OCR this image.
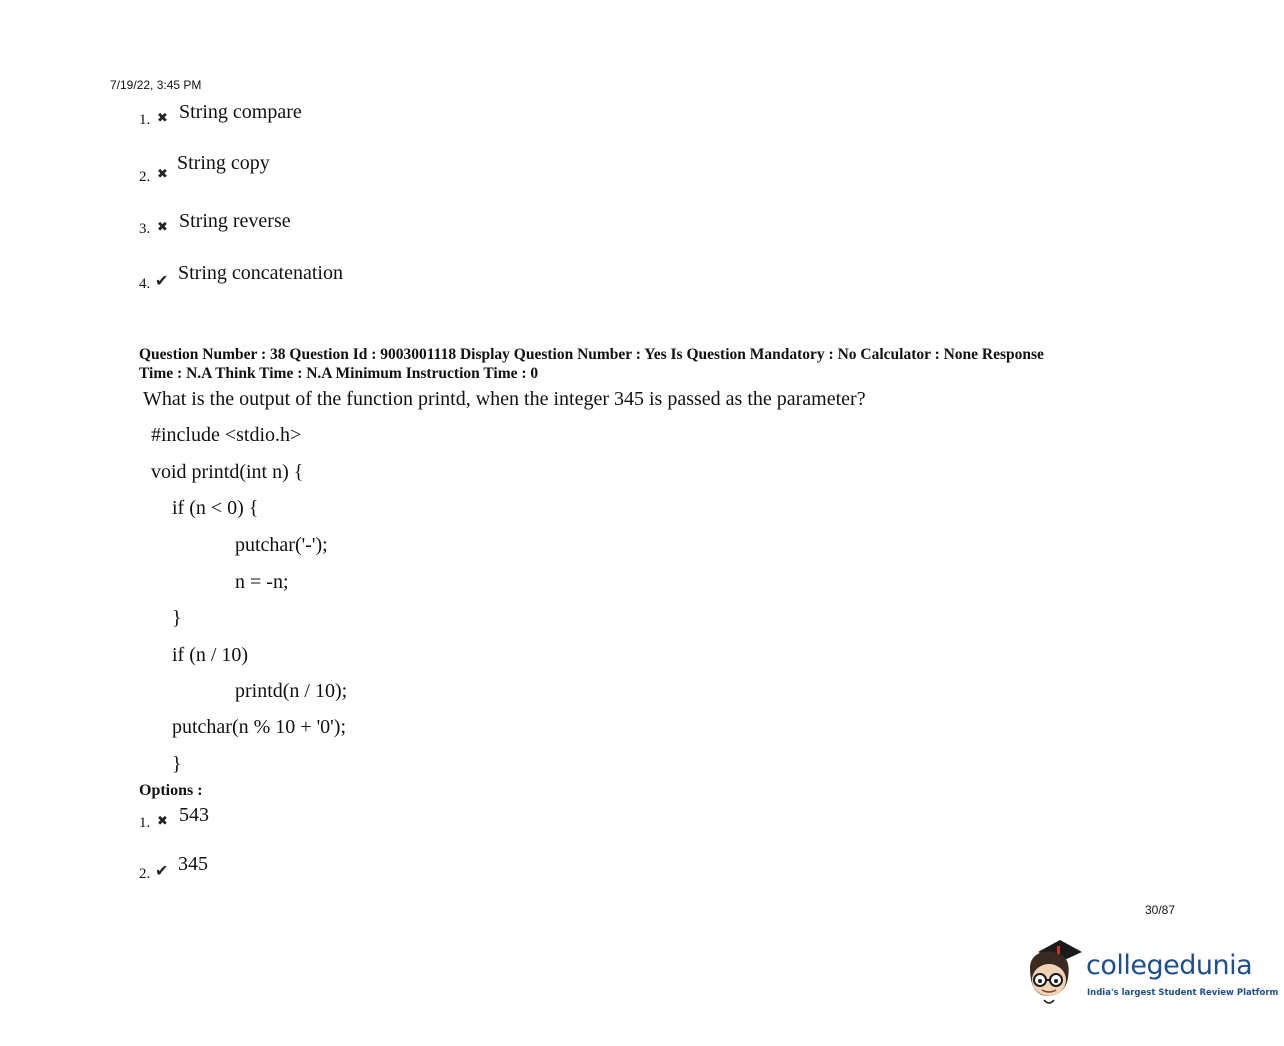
7/19/22, 3:45 PM
1. ✖ String compare
2. ✖ String copy
3. ✖ String reverse
4. ✔ String concatenation
Question Number : 38 Question Id : 9003001118 Display Question Number : Yes Is Question Mandatory : No Calculator : None Response
Time : N.A Think Time : N.A Minimum Instruction Time : 0
What is the output of the function printd, when the integer 345 is passed as the parameter?
#include <stdio.h>
void printd(int n) {
if (n < 0) {
putchar('-');
n = -n;
}
if (n / 10)
printd(n / 10);
putchar(n % 10 + '0');
}
Options :
1. ✖ 543
2. ✔ 345
30/87
collegedunia
India's largest Student Review Platform
